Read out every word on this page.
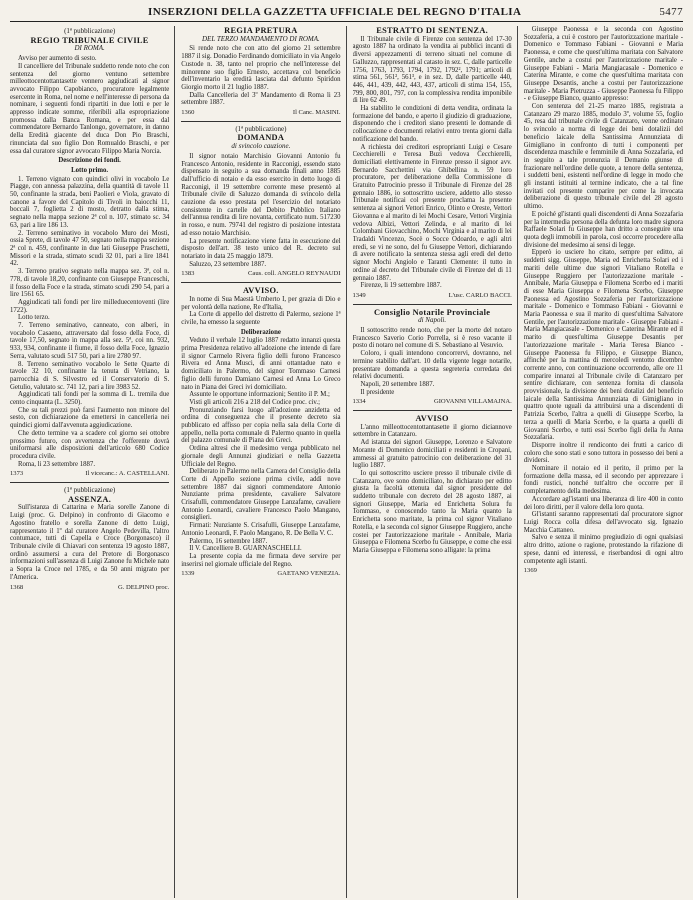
INSERZIONI DELLA GAZZETTA UFFICIALE DEL REGNO D'ITALIA	5477
(1ª pubblicazione)
REGIO TRIBUNALE CIVILE
DI ROMA.
Avviso per aumento di sesto.
Il cancelliere del Tribunale suddetto rende noto che con sentenza del giorno ventuno settembre milleottocentottantasette vennero aggiudicati al signor avvocato Filippo Capobianco, procuratore legalmente esercente in Roma, nel nome e nell'interesse di persona da nominare, i seguenti fondi ripartiti in due lotti e per le appresso indicate somme, riferibili alla espropriazione promossa dalla Banca Romana, e per essa dal commendatore Bernardo Tanlongo, governatore, in danno della Eredità giacente del duca Don Pio Braschi, rinunciata dal suo figlio Don Romualdo Braschi, e per essa dal curatore signor avvocato Filippo Maria Norcia.
Descrizione dei fondi.
Lotto primo.
1. Terreno vignato con quindici olivi in vocabolo Le Piagge, con annessa palazzina, della quantità di tavole 11 50, confinante la strada, beni Paolieri e Viola, gravato di canone a favore del Capitolo di Tivoli in baiocchi 11, boccali 7, foglietta 2 di mosto, detratto dalla stima, segnato nella mappa sezione 2ª col n. 107, stimato sc. 34 63, pari a lire 186 13.
2. Terreno seminativo in vocabolo Muro dei Mosti, ossia Sprete, di tavole 47 50, segnato nella mappa sezione 2ª col n. 459, confinante in due lati Giuseppe Praschetti, Missori e la strada, stimato scudi 32 01, pari a lire 1841 42.
3. Terreno prativo segnato nella mappa sez. 3ª, col n. 778, di tavole 18,20, confinante con Giuseppe Franceschi, il fosso della Foce e la strada, stimato scudi 290 54, pari a lire 1561 65.
Aggiudicati tali fondi per lire milleduecentoventi (lire 1722).
Lotto terzo.
7. Terreno seminativo, canneato, con alberi, in vocabolo Casaeno, attraversato dal fosso della Foce, di tavole 17,50, segnato in mappa alla sez. 5ª, coi nn. 932, 933, 934, confinante il fiume, il fosso della Foce, Ignazio Serra, valutato scudi 517 50, pari a lire 2780 97.
8. Terreno seminativo vocabolo le Sette Quarte di tavole 32 10, confinante la tenuta di Vetriano, la parrocchia di S. Silvestro ed il Conservatorio di S. Getulio, valutato sc. 741 12, pari a lire 3983 52.
Aggiudicati tali fondi per la somma di L. tremila due cento cinquanta (L. 3250).
Che su tali prezzi può farsi l'aumento non minore del sesto, con dichiarazione da emettersi in cancelleria nei quindici giorni dall'avvenuta aggiudicazione.
Che detto termine va a scadere col giorno sei ottobre prossimo futuro, con avvertenza che l'offerente dovrà uniformarsi alle disposizioni dell'articolo 680 Codice procedura civile.
Roma, li 23 settembre 1887.
1373	Il vicecanc.: A. CASTELLANI.
(1ª pubblicazione)
ASSENZA.
Sull'istanza di Cattarina e Maria sorelle Zanone di Luigi (proc. G. Delpino) in confronto di Giacomo e Agostino fratello e sorella Zanone di detto Luigi, rappresentato il 1º dal curatore Angelo Pedevilla, l'altro contumace, tutti di Capella e Croce (Borgonasco) il Tribunale civile di Chiavari con sentenza 19 agosto 1887, ordinò assumersi a cura del Pretore di Borgonasco informazioni sull'assenza di Luigi Zanone fu Michele nato a Sopra la Croce nel 1785, e da 50 anni migrato per l'America.
1368	G. DELPINO proc.
REGIA PRETURA
DEL TERZO MANDAMENTO DI ROMA.
Si rende noto che con atto del giorno 21 settembre 1887 il sig. Donadio Ferdinando domiciliato in via Angelo Custode n. 38, tanto nel proprio che nell'interesse del minorenne suo figlio Ernesto, accettava col beneficio dell'inventario la eredità lasciata dal defunto Spiridon Giorgio morto il 21 luglio 1887.
Dalla Cancelleria del 3º Mandamento di Roma li 23 settembre 1887.
1360	Il Canc. MASINI.
(1ª pubblicazione)
DOMANDA
di svincolo cauzione.
Il signor notaio Marchisio Giovanni Antonio fu Francesco Antonio, residente in Racconigi, essendo stato dispensato in seguito a sua domanda finali anno 1885 dall'ufficio di notaio e da esso esercito in detto luogo di Racconigi, il 19 settembre corrente mese presentò al Tribunale civile di Saluzzo domanda di svincolo della cauzione da esso prestata pel l'esercizio del notariato consistente in cartelle del Debito Pubblico Italiano dell'annua rendita di lire novanta, certificato num. 517230 in rosso, e num. 79741 del registro di posizione intestata ad esso notaio Marchisio.
La presente notificazione viene fatta in esecuzione del disposto dell'art. 38 testo unico del R. decreto sul notariato in data 25 maggio 1879.
Saluzzo, 23 settembre 1887.
1383	Caus. coll. ANGELO REYNAUDI
AVVISO.
In nome di Sua Maestà Umberto I, per grazia di Dio e per volontà della nazione, Re d'Italia,
La Corte di appello del distretto di Palermo, sezione 1ª civile, ha emesso la seguente
Deliberazione
Veduto il verbale 12 luglio 1887 redatto innanzi questa prima Presidenza relativo all'adozione che intende di fare il signor Carmelo Rivera figlio delli furono Francesco Rivera ed Anna Musci, di anni ottantadue nato e domiciliato in Palermo, del signor Tommaso Carnesi figlio delli furono Damiano Carnesi ed Anna Lo Greco nato in Piana dei Greci ivi domiciliato.
Assunte le opportune informazioni; Sentito il P. M.;
Visti gli articoli 216 a 218 del Codice proc. civ.;
Pronunziando farsi luogo all'adozione anzidetta ed ordina di conseguenza che il presente decreto sia pubblicato ed affisso per copia nella sala della Corte di appello, nella porta comunale di Palermo quanto in quella del palazzo comunale di Piana dei Greci.
Ordina altresì che il medesimo venga pubblicato nel giornale degli Annunzi giudiziari e nella Gazzetta Ufficiale del Regno.
Deliberato in Palermo nella Camera del Consiglio della Corte di Appello sezione prima civile, addì nove settembre 1887 dai signori commendatore Antonio Nunziante prima presidente, cavaliere Salvatore Crisafulli, commendatore Giuseppe Lanzafame, cavaliere Antonio Leonardi, cavaliere Francesco Paolo Mangano, consiglieri.
Firmati: Nunziante S. Crisafulli, Giuseppe Lanzafame, Antonio Leonardi, F. Paolo Mangano, R. De Bella V. C.
Palermo, 16 settembre 1887.
Il V. Cancelliere B. GUARNASCHELLI.
La presente copia da me firmata deve servire per inserirsi nel giornale ufficiale del Regno.
1339	GAETANO VENEZIA.
ESTRATTO DI SENTENZA.
Il Tribunale civile di Firenze con sentenza del 17-30 agosto 1887 ha ordinato la vendita ai pubblici incanti di diversi appezzamenti di terreno situati nel comune di Galluzzo, rappresentati al catasto in sez. C, dalle particelle 1756, 1763, 1793, 1794, 1792, 1792², 1791; articoli di stima 561, 561², 561³, e in sez. D, dalle particelle 440, 446, 441, 439, 442, 443, 437, articoli di stima 154, 155, 799, 800, 801, 797, con la complessiva rendita imponibile di lire 62 49.
Ha stabilito le condizioni di detta vendita, ordinata la formazione del bando, e aperto il giudizio di graduazione, disponendo che i creditori siano presenti le domande di collocazione e documenti relativi entro trenta giorni dalla notificazione del bando.
A richiesta dei creditori esproprianti Luigi e Cesare Cecchierelli e Teresa Buzi vedova Cecchierelli, domiciliati elettivamente in Firenze presso il signor avv. Bernardo Sacchettini via Ghibellina n. 59 loro procuratore, per deliberazione della Commissione di Gratuito Patrocinio presso il Tribunale di Firenze del 28 gennaio 1886, io sottoscritto usciere, addetto allo stesso Tribunale notificai col presente proclama la presente sentenza ai signori Vettori Enrico, Olinto e Oreste, Vettori Giovanna e al marito di lei Mochi Cesare, Vettori Virginia vedova Albizi, Vettori Zelinda, e al marito di lei Colombani Giovacchino, Mochi Virginia e al marito di lei Tradaldi Vincenzo, Socè o Socce Odoardo, e agli altri eredi, se vi ne sono, del fu Giuseppe Vettori, dichiarando di avere notificato la sentenza stessa agli eredi del detto signor Mochi Angiolo e Taranti Clemente: il tutto in ordine al decreto del Tribunale civile di Firenze del di 11 gennaio 1887.
Firenze, li 19 settembre 1887.
1349	L'usc. CARLO BACCI.
Consiglio Notarile Provinciale
di Napoli.
Il sottoscritto rende noto, che per la morte del notaro Francesco Saverio Corio Porrella, si è reso vacante il posto di notaro nel comune di S. Sebastiano al Vesuvio.
Coloro, i quali intendono concorrervi, dovranno, nel termine stabilito dall'art. 10 della vigente legge notarile, presentare domanda a questa segreteria corredata dei relativi documenti.
Napoli, 20 settembre 1887.
Il presidente
1334	GIOVANNI VILLAMAJNA.
AVVISO
L'anno milleottocentottantasette il giorno diciannove settembre in Catanzaro.
Ad istanza dei signori Giuseppe, Lorenzo e Salvatore Morante di Domenico domiciliati e residenti in Cropani, ammessi al gratuito patrocinio con deliberazione del 31 luglio 1887.
Io qui sottoscritto usciere presso il tribunale civile di Catanzaro, ove sono domiciliato, ho dichiarato per editto giusta la facoltà ottenuta dal signor presidente del suddetto tribunale con decreto del 28 agosto 1887, ai signori Giuseppe, Maria ed Enrichetta Solura fu Tommaso, e conoscendo tanto la Maria quanto la Enrichetta sono maritate, la prima col signor Vitaliano Rotella, e la seconda col signor Giuseppe Ruggiero, anche costei per l'autorizzazione maritale - Annibale, Maria Giuseppa e Filomena Scerbo fu Giuseppe, e come che essi Maria Giuseppa e Filomena sono alligate: la prima
Giuseppe Paonessa e la seconda con Agostino Sozzaferia, a cui è costoro per l'autorizzazione maritale - Domenico e Tommaso Fabiani - Giovanni e Maria Paonessa, e come che quest'ultima maritata con Salvatore Gentile, anche a costui per l'autorizzazione maritale - Giuseppe Fabiani - Maria Mangiacasale - Domenico e Caterina Mirante, e come che quest'ultima maritata con Giuseppe Desantis, anche a costui per l'autorizzazione maritale - Maria Pietruzza - Giuseppe Paonessa fu Filippo - e Giuseppe Bianco, quanto appresso:
Con sentenza del 21-25 marzo 1885, registrata a Catanzaro 29 marzo 1885, modulo 3º, volume 55, foglio 45, resa dal tribunale civile di Catanzaro, venne ordinato lo svincolo a norma di legge dei beni dotalizii del beneficio laicale della Santissima Annunziata di Gimigliano in confronto di tutti i componenti per discendenza maschile e femminile di Anna Sozzafaria, ed in seguito a tale pronunzia il Demanio giunse di frazionare nell'ordine delle quote, a tenore della sentenza, i suddetti beni, esistenti nell'ordine di legge in modo che gli instanti istituiti al termine indicato, che a tal fine invitati col presente comparire per come la invocata deliberazione di questo tribunale civile del 28 agosto ultimo.
E poiché gl'istanti quali discendenti di Anna Sozzafaria per la intermedia persona della defunta loro madre signora Raffaele Solari fu Giuseppe han dritto a conseguire una quota degli immobili in parola, così occorre procedere alla divisione del medesimo ai sensi di legge.
Epperò io usciere ho citato, sempre per editto, ai suddetti sigg. Giuseppe, Maria ed Enrichetta Solari ed i mariti delle ultime due signori Vitaliano Rotella e Giuseppe Ruggiero per l'autorizzazione maritale - Annibale, Maria Giuseppa e Filomena Scerbo ed i mariti di esse Maria Giuseppa e Filomena Scerbo, Giuseppe Paonessa ed Agostino Sozzaferia per l'autorizzazione maritale - Domenico e Tommaso Fabiani - Giovanni e Maria Paonessa e sua il marito di quest'ultima Salvatore Gentile, per l'autorizzazione maritale - Giuseppe Fabiani - Maria Mangiacasale - Domenico e Caterina Mirante ed il marito di quest'ultima Giuseppe Desantis per l'autorizzazione maritale - Maria Teresa Bianco - Giuseppe Paonessa fu Filippo, e Giuseppe Bianco, affinché per la mattina di mercoledì ventotto dicembre corrente anno, con continuazione occorrendo, alle ore 11 comparire innanzi al Tribunale civile di Catanzaro per sentire dichiarare, con sentenza fornita di clausola provvisionale, la divisione dei beni dotalizi del beneficio laicale della Santissima Annunziata di Gimigliano in quattro quote uguali da attribuirsi una a discendenti di Patrizia Scerbo, l'altra a quelli di Giuseppe Scerbo, la terza a quelli di Maria Scerbo, e la quarta a quelli di Giovanni Scerbo, e tutti essi Scerbo figli della fu Anna Sozzafaria.
Disporre inoltre il rendiconto dei frutti a carico di coloro che sono stati e sono tuttora in possesso dei beni a dividersi.
Nominare il notaio ed il perito, il primo per la formazione della massa, ed il secondo per apprezzare i fondi rustici, nonché tutt'altro che occorre per il completamento della medesima.
Accordare agl'istanti una liberanza di lire 400 in conto dei loro diritti, per il valore della loro quota.
Gl'istanti saranno rappresentati dal procuratore signor Luigi Rocca colla difesa dell'avvocato sig. Ignazio Macchia Cattaneo.
Salvo e senza il minimo pregiudizio di ogni qualsiasi altro dritto, azione o ragione, protestando la rifazione di spese, danni ed interessi, e riserbandosi di ogni altro competente agli istanti.
1369
